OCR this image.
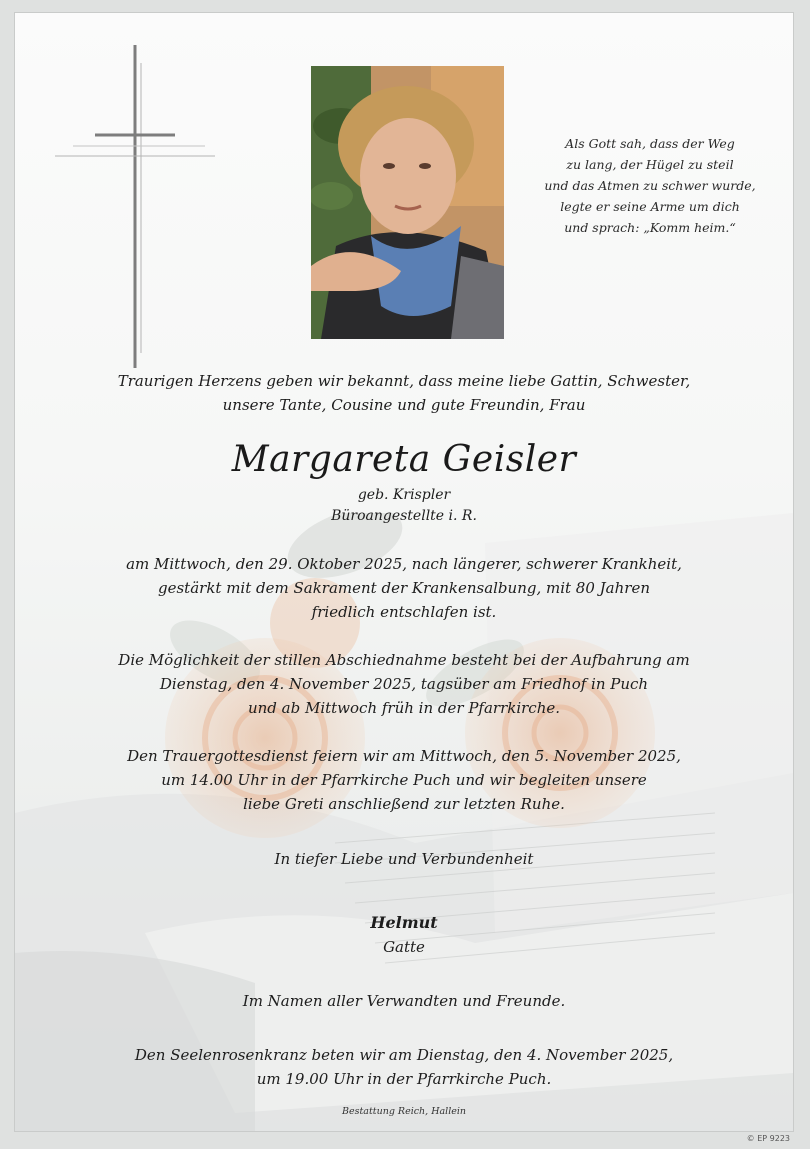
Als Gott sah, dass der Weg
zu lang, der Hügel zu steil
und das Atmen zu schwer wurde,
legte er seine Arme um dich
und sprach: „Komm heim.“
Traurigen Herzens geben wir bekannt, dass meine liebe Gattin, Schwester,
unsere Tante, Cousine und gute Freundin, Frau
Margareta Geisler
geb. Krispler
Büroangestellte i. R.
am Mittwoch, den 29. Oktober 2025, nach längerer, schwerer Krankheit,
gestärkt mit dem Sakrament der Krankensalbung, mit 80 Jahren
friedlich entschlafen ist.
Die Möglichkeit der stillen Abschiednahme besteht bei der Aufbahrung am
Dienstag, den 4. November 2025, tagsüber am Friedhof in Puch
und ab Mittwoch früh in der Pfarrkirche.
Den Trauergottesdienst feiern wir am Mittwoch, den 5. November 2025,
um 14.00 Uhr in der Pfarrkirche Puch und wir begleiten unsere
liebe Greti anschließend zur letzten Ruhe.
In tiefer Liebe und Verbundenheit
Helmut
Gatte
Im Namen aller Verwandten und Freunde.
Den Seelenrosenkranz beten wir am Dienstag, den 4. November 2025,
um 19.00 Uhr in der Pfarrkirche Puch.
Bestattung Reich, Hallein
© EP 9223
